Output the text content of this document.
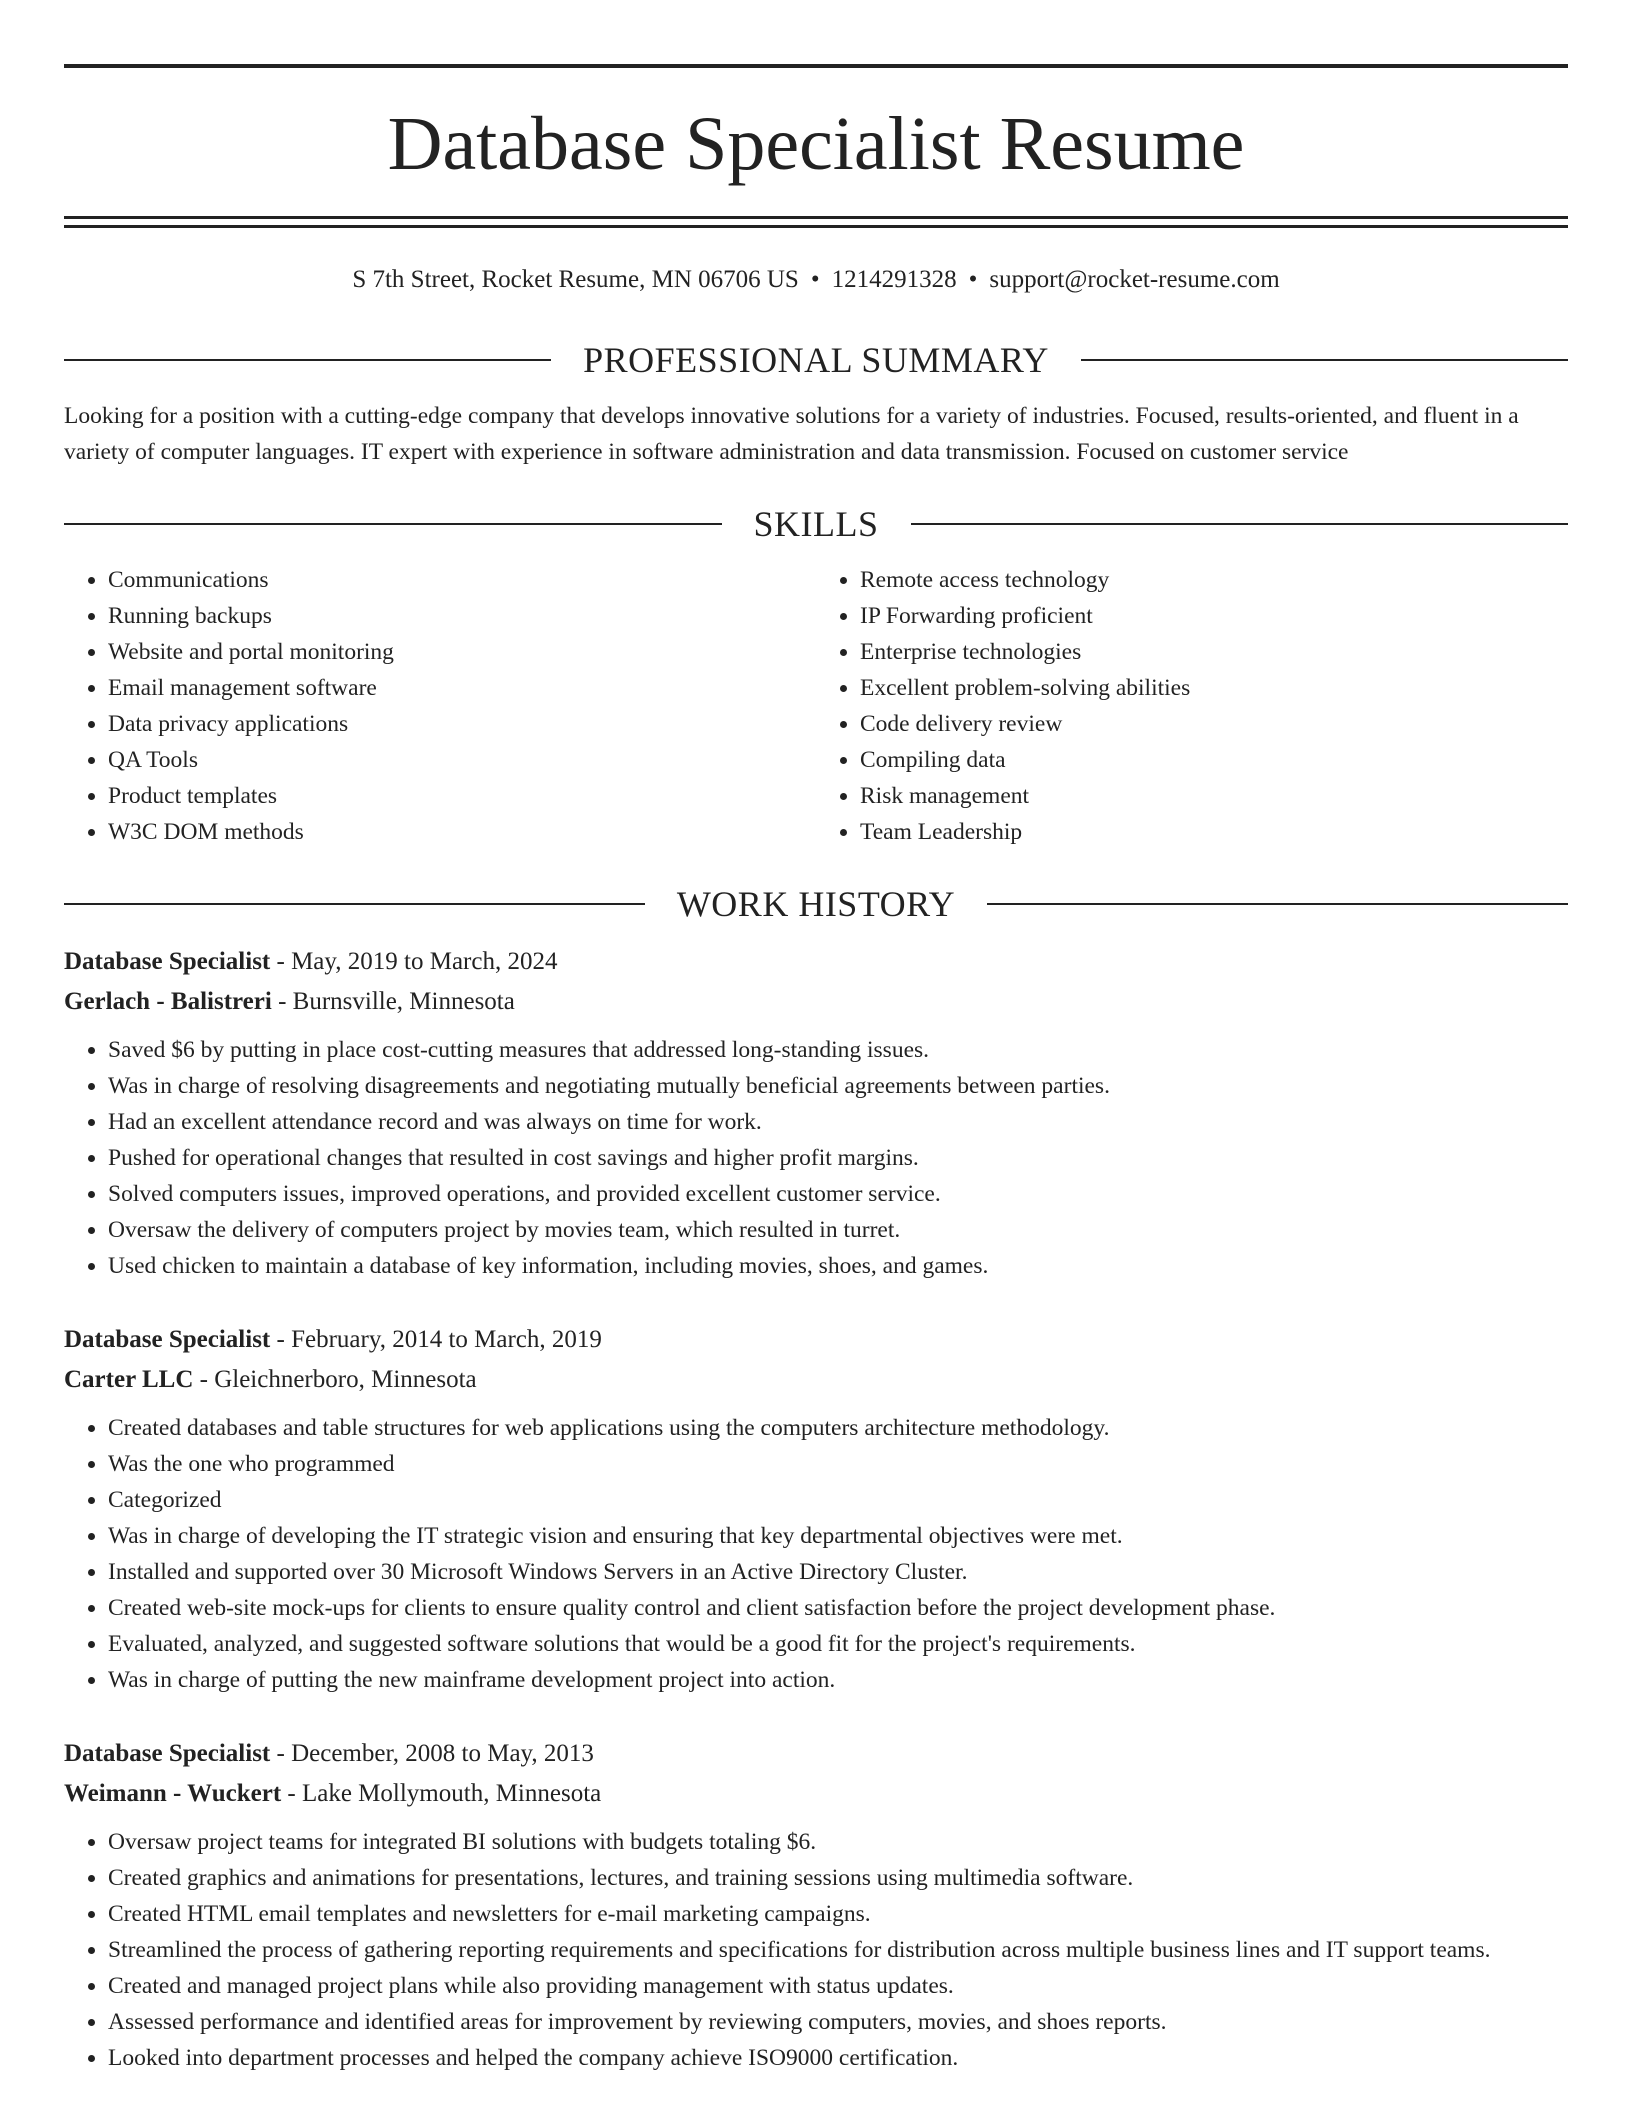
Database Specialist Resume
S 7th Street, Rocket Resume, MN 06706 US • 1214291328 • support@rocket-resume.com
PROFESSIONAL SUMMARY

Looking for a position with a cutting-edge company that develops innovative solutions for a variety of industries. Focused, results-oriented, and fluent in a variety of computer languages. IT expert with experience in software administration and data transmission. Focused on customer service

SKILLS
• Communications
• Running backups
• Website and portal monitoring
• Email management software
• Data privacy applications
• QA Tools
• Product templates
• W3C DOM methods
• Remote access technology
• IP Forwarding proficient
• Enterprise technologies
• Excellent problem-solving abilities
• Code delivery review
• Compiling data
• Risk management
• Team Leadership
WORK HISTORY
Database Specialist - May, 2019 to March, 2024
Gerlach - Balistreri - Burnsville, Minnesota
• Saved $6 by putting in place cost-cutting measures that addressed long-standing issues.
• Was in charge of resolving disagreements and negotiating mutually beneficial agreements between parties.
• Had an excellent attendance record and was always on time for work.
• Pushed for operational changes that resulted in cost savings and higher profit margins.
• Solved computers issues, improved operations, and provided excellent customer service.
• Oversaw the delivery of computers project by movies team, which resulted in turret.
• Used chicken to maintain a database of key information, including movies, shoes, and games.
Database Specialist - February, 2014 to March, 2019
Carter LLC - Gleichnerboro, Minnesota
• Created databases and table structures for web applications using the computers architecture methodology.
• Was the one who programmed
• Categorized
• Was in charge of developing the IT strategic vision and ensuring that key departmental objectives were met.
• Installed and supported over 30 Microsoft Windows Servers in an Active Directory Cluster.
• Created web-site mock-ups for clients to ensure quality control and client satisfaction before the project development phase.
• Evaluated, analyzed, and suggested software solutions that would be a good fit for the project's requirements.
• Was in charge of putting the new mainframe development project into action.
Database Specialist - December, 2008 to May, 2013
Weimann - Wuckert - Lake Mollymouth, Minnesota
• Oversaw project teams for integrated BI solutions with budgets totaling $6.
• Created graphics and animations for presentations, lectures, and training sessions using multimedia software.
• Created HTML email templates and newsletters for e-mail marketing campaigns.
• Streamlined the process of gathering reporting requirements and specifications for distribution across multiple business lines and IT support teams.
• Created and managed project plans while also providing management with status updates.
• Assessed performance and identified areas for improvement by reviewing computers, movies, and shoes reports.
• Looked into department processes and helped the company achieve ISO9000 certification.
